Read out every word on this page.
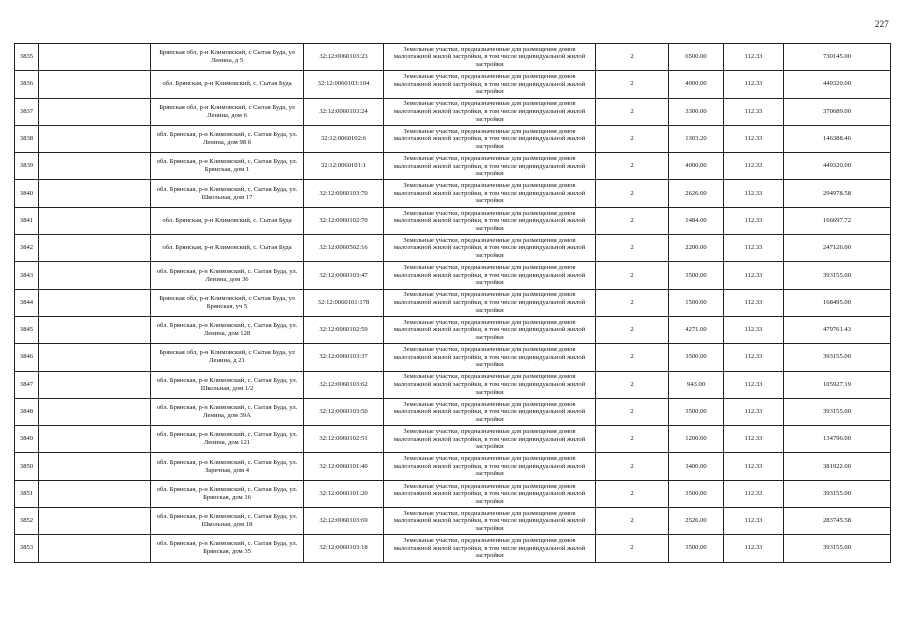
227
3835		Брянская обл, р-н Климовский, с Сытая Буда, ул Ленина, д 5	32:12:0060103:23	Земельные участки, предназначенные для размещения домов малоэтажной жилой застройки, в том числе индивидуальной жилой застройки	2	6500.00	112.33	730145.00
3836		обл. Брянская, р-н Климовский, с. Сытая Буда	32:12:0060103:104	Земельные участки, предназначенные для размещения домов малоэтажной жилой застройки, в том числе индивидуальной жилой застройки	2	4000.00	112.33	449320.00
3837		Брянская обл, р-н Климовский, с Сытая Буда, ул Ленина, дом 6	32:12:0060103:24	Земельные участки, предназначенные для размещения домов малоэтажной жилой застройки, в том числе индивидуальной жилой застройки	2	3300.00	112.33	370689.00
3838		обл. Брянская, р-н Климовский, с. Сытая Буда, ул. Ленина, дом 98 б	32:12:0060102:6	Земельные участки, предназначенные для размещения домов малоэтажной жилой застройки, в том числе индивидуальной жилой застройки	2	1303.20	112.33	146388.46
3839		обл. Брянская, р-н Климовский, с. Сытая Буда, ул. Брянская, дом 1	32:12:0060101:1	Земельные участки, предназначенные для размещения домов малоэтажной жилой застройки, в том числе индивидуальной жилой застройки	2	4000.00	112.33	449320.00
3840		обл. Брянская, р-н Климовский, с. Сытая Буда, ул. Школьная, дом 17	32:12:0060103:70	Земельные участки, предназначенные для размещения домов малоэтажной жилой застройки, в том числе индивидуальной жилой застройки	2	2626.00	112.33	294978.58
3841		обл. Брянская, р-н Климовский, с. Сытая Буда	32:12:0060102:70	Земельные участки, предназначенные для размещения домов малоэтажной жилой застройки, в том числе индивидуальной жилой застройки	2	1484.00	112.33	166697.72
3842		обл. Брянская, р-н Климовский, с. Сытая Буда	32:12:0060502:16	Земельные участки, предназначенные для размещения домов малоэтажной жилой застройки, в том числе индивидуальной жилой застройки	2	2200.00	112.33	247126.00
3843		обл. Брянская, р-н Климовский, с. Сытая Буда, ул. Ленина, дом 36	32:12:0060103:47	Земельные участки, предназначенные для размещения домов малоэтажной жилой застройки, в том числе индивидуальной жилой застройки	2	3500.00	112.33	393155.00
3844		Брянская обл, р-н Климовский, с Сытая Буда, ул Брянская, уч 5	32:12:0060101:178	Земельные участки, предназначенные для размещения домов малоэтажной жилой застройки, в том числе индивидуальной жилой застройки	2	1500.00	112.33	168495.00
3845		обл. Брянская, р-н Климовский, с. Сытая Буда, ул. Ленина, дом 128	32:12:0060102:59	Земельные участки, предназначенные для размещения домов малоэтажной жилой застройки, в том числе индивидуальной жилой застройки	2	4271.00	112.33	479761.43
3846		Брянская обл, р-н Климовский, с Сытая Буда, ул Ленина, д 21	32:12:0060103:37	Земельные участки, предназначенные для размещения домов малоэтажной жилой застройки, в том числе индивидуальной жилой застройки	2	3500.00	112.33	393155.00
3847		обл. Брянская, р-н Климовский, с. Сытая Буда, ул. Школьная, дом 1/2	32:12:0060103:62	Земельные участки, предназначенные для размещения домов малоэтажной жилой застройки, в том числе индивидуальной жилой застройки	2	943.00	112.33	105927.19
3848		обл. Брянская, р-н Климовский, с. Сытая Буда, ул. Ленина, дом 39А	32:12:0060103:50	Земельные участки, предназначенные для размещения домов малоэтажной жилой застройки, в том числе индивидуальной жилой застройки	2	3500.00	112.33	393155.00
3849		обл. Брянская, р-н Климовский, с. Сытая Буда, ул. Ленина, дом 121	32:12:0060102:51	Земельные участки, предназначенные для размещения домов малоэтажной жилой застройки, в том числе индивидуальной жилой застройки	2	1200.00	112.33	134796.00
3850		обл. Брянская, р-н Климовский, с. Сытая Буда, ул. Заречная, дом 4	32:12:0060101:40	Земельные участки, предназначенные для размещения домов малоэтажной жилой застройки, в том числе индивидуальной жилой застройки	2	3400.00	112.33	381922.00
3851		обл. Брянская, р-н Климовский, с. Сытая Буда, ул. Брянская, дом 16	32:12:0060101:20	Земельные участки, предназначенные для размещения домов малоэтажной жилой застройки, в том числе индивидуальной жилой застройки	2	3500.00	112.33	393155.00
3852		обл. Брянская, р-н Климовский, с. Сытая Буда, ул. Школьная, дом 18	32:12:0060103:69	Земельные участки, предназначенные для размещения домов малоэтажной жилой застройки, в том числе индивидуальной жилой застройки	2	2526.00	112.33	283745.58
3853		обл. Брянская, р-н Климовский, с. Сытая Буда, ул. Брянская, дом 35	32:12:0060103:18	Земельные участки, предназначенные для размещения домов малоэтажной жилой застройки, в том числе индивидуальной жилой застройки	2	3500.00	112.33	393155.00
